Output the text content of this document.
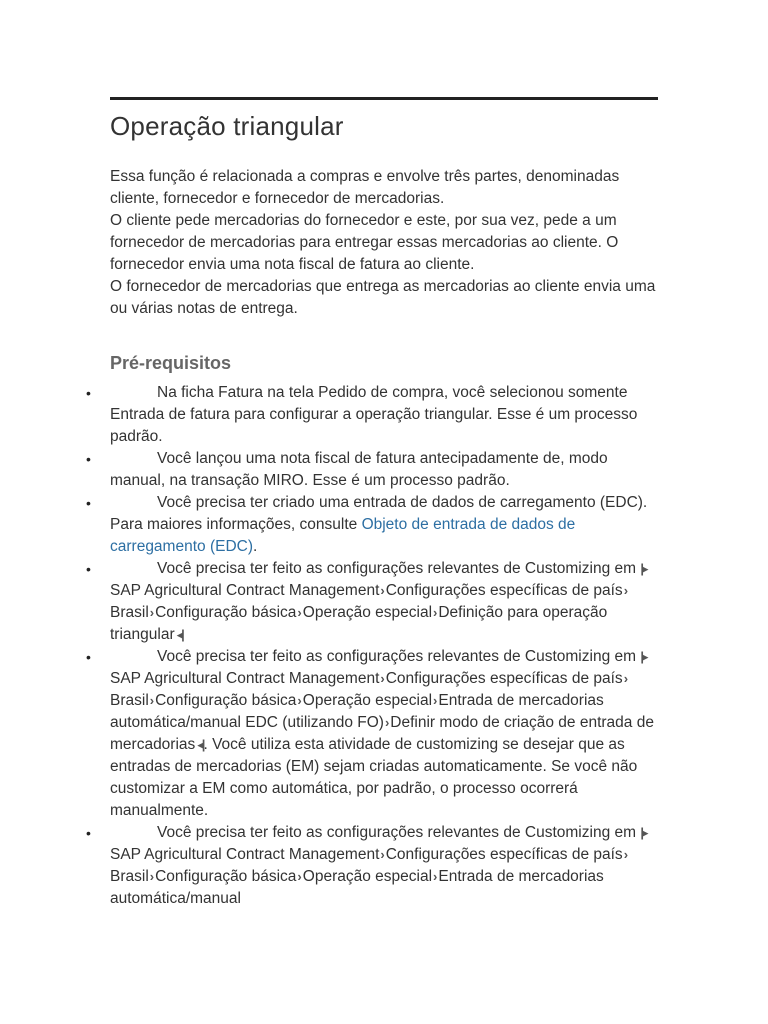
Operação triangular

Essa função é relacionada a compras e envolve três partes, denominadas cliente, fornecedor e fornecedor de mercadorias.

O cliente pede mercadorias do fornecedor e este, por sua vez, pede a um fornecedor de mercadorias para entregar essas mercadorias ao cliente. O fornecedor envia uma nota fiscal de fatura ao cliente.

O fornecedor de mercadorias que entrega as mercadorias ao cliente envia uma ou várias notas de entrega.

Pré-requisitos
•	Na ficha Fatura na tela Pedido de compra, você selecionou somente Entrada de fatura para configurar a operação triangular. Esse é um processo padrão.
•	Você lançou uma nota fiscal de fatura antecipadamente de, modo manual, na transação MIRO. Esse é um processo padrão.
•	Você precisa ter criado uma entrada de dados de carregamento (EDC). Para maiores informações, consulte Objeto de entrada de dados de carregamento (EDC).
•	Você precisa ter feito as configurações relevantes de Customizing em |▸SAP Agricultural Contract Management›Configurações específicas de país›Brasil›Configuração básica›Operação especial›Definição para operação triangular ◂|
•	Você precisa ter feito as configurações relevantes de Customizing em |▸SAP Agricultural Contract Management›Configurações específicas de país›Brasil›Configuração básica›Operação especial›Entrada de mercadorias automática/manual EDC (utilizando FO)›Definir modo de criação de entrada de mercadorias ◂|. Você utiliza esta atividade de customizing se desejar que as entradas de mercadorias (EM) sejam criadas automaticamente. Se você não customizar a EM como automática, por padrão, o processo ocorrerá manualmente.
•	Você precisa ter feito as configurações relevantes de Customizing em |▸SAP Agricultural Contract Management›Configurações específicas de país›Brasil›Configuração básica›Operação especial›Entrada de mercadorias automática/manual
